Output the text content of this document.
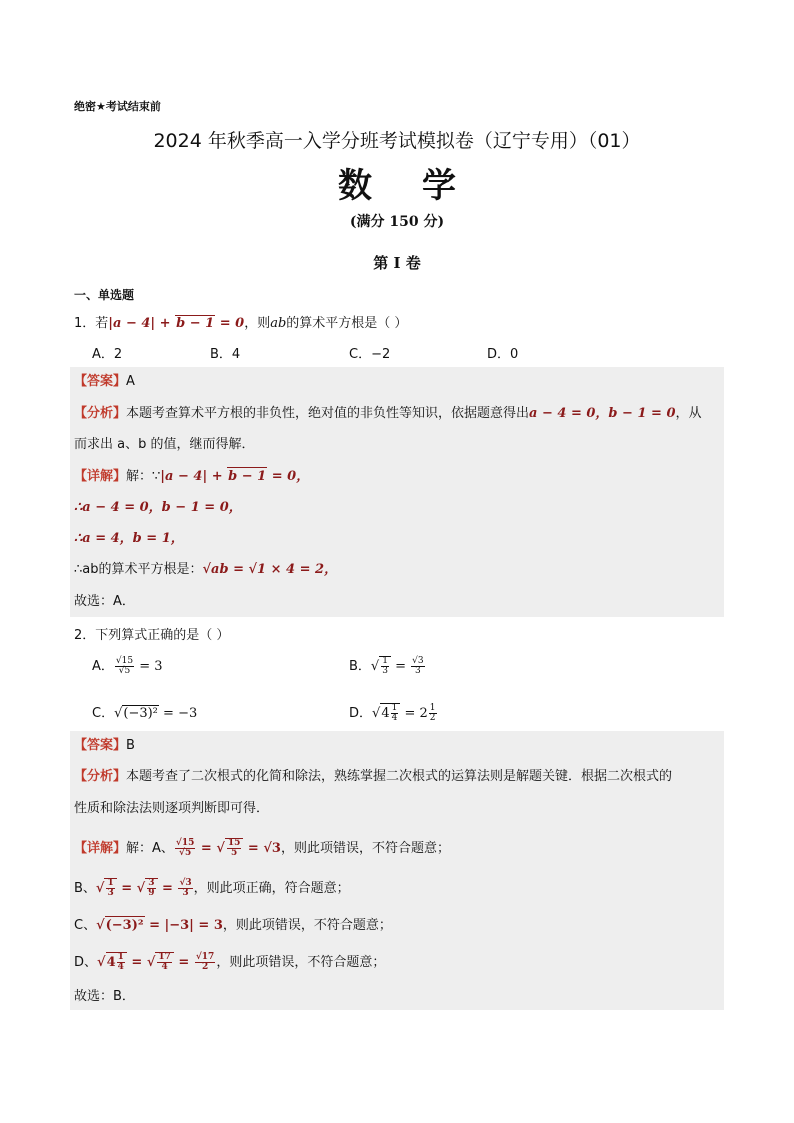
绝密★考试结束前
2024 年秋季高一入学分班考试模拟卷（辽宁专用）（01）
数学
(满分 150 分)
第 I 卷
一、单选题
1．若|a − 4| + b − 1 = 0，则ab的算术平方根是（ ）
A．2	B．4	C．−2	D．0
【答案】A
【分析】本题考查算术平方根的非负性，绝对值的非负性等知识，依据题意得出a − 4 = 0，b − 1 = 0，从
而求出 a、b 的值，继而得解．
【详解】解：∵|a − 4| + b − 1 = 0，
∴a − 4 = 0，b − 1 = 0，
∴a = 4，b = 1，
∴ab的算术平方根是：√ab = √1 × 4 = 2，
故选：A．
2．下列算式正确的是（ ）
A． $\frac{√15}{√5} = 3$	B．√ $\frac{1}{3} = \frac{√3}{3}$
C．√(−3)² = −3	D．$√4 \frac{1}{4} = 2 \frac{1}{2}$
【答案】B
【分析】本题考查了二次根式的化简和除法，熟练掌握二次根式的运算法则是解题关键．根据二次根式的
性质和除法法则逐项判断即可得．
【详解】解：A、 $\frac{√15}{√5}$ = √ $\frac{15}{5} = √3$，则此项错误，不符合题意；
B、√ $\frac{1}{3}$ = √ $\frac{3}{9} = \frac{√3}{3}$ ，则此项正确，符合题意；
C、√(−3)² = |−3| = 3，则此项错误，不符合题意；
D、$√4 \frac{1}{4}$ = √ $\frac{17}{4} = \frac{√17}{2}$ ，则此项错误，不符合题意；
故选：B．
